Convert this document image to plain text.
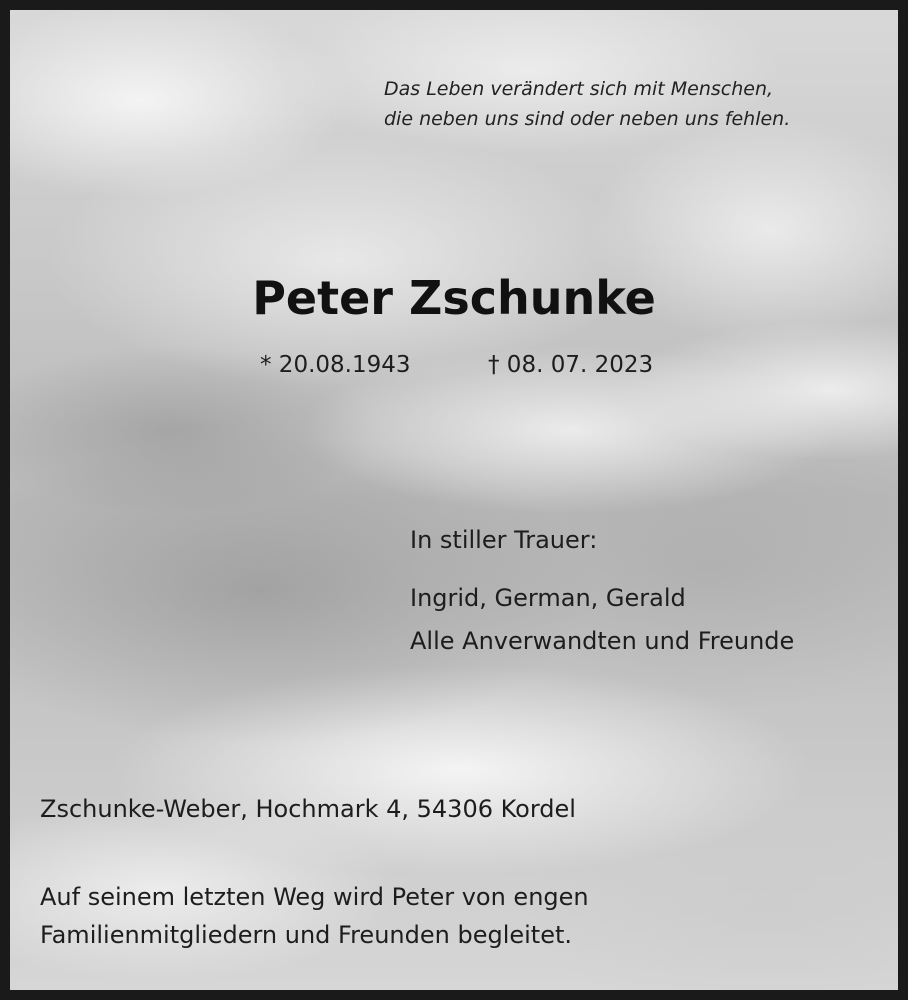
Das Leben verändert sich mit Menschen,
die neben uns sind oder neben uns fehlen.
Peter Zschunke
* 20.08.1943	† 08. 07. 2023
In stiller Trauer:
Ingrid, German, Gerald
Alle Anverwandten und Freunde
Zschunke-Weber, Hochmark 4, 54306 Kordel
Auf seinem letzten Weg wird Peter von engen
Familienmitgliedern und Freunden begleitet.
